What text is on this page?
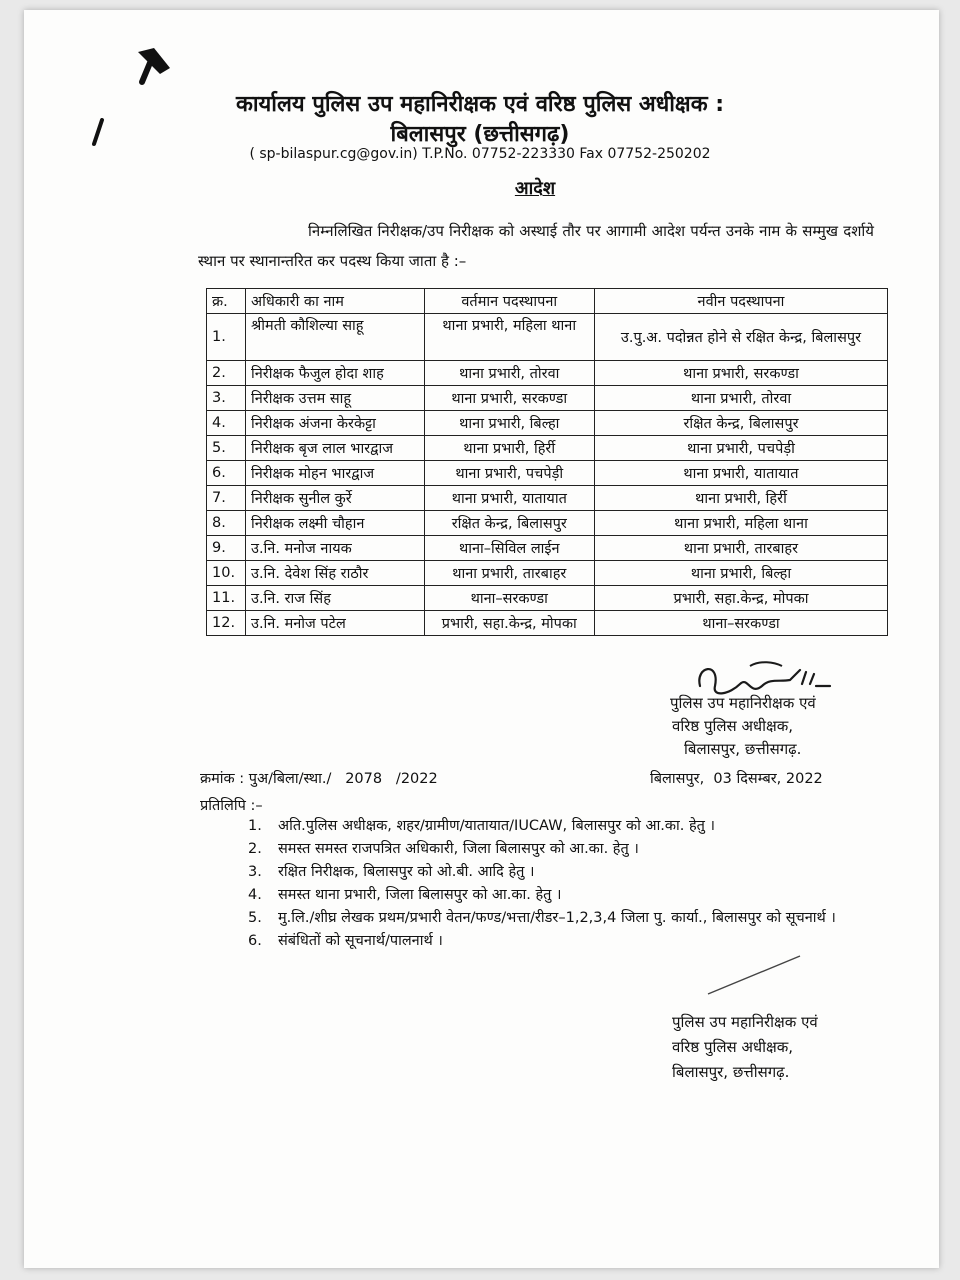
कार्यालय पुलिस उप महानिरीक्षक एवं वरिष्ठ पुलिस अधीक्षक :
बिलासपुर (छत्तीसगढ़)
( sp-bilaspur.cg@gov.in) T.P.No. 07752-223330 Fax 07752-250202
आदेश
निम्नलिखित निरीक्षक/उप निरीक्षक को अस्थाई तौर पर आगामी आदेश पर्यन्त उनके नाम के सम्मुख दर्शाये स्थान पर स्थानान्तरित कर पदस्थ किया जाता है :–
क्र.	अधिकारी का नाम	वर्तमान पदस्थापना	नवीन पदस्थापना
1.	श्रीमती कौशिल्या साहू	थाना प्रभारी, महिला थाना	उ.पु.अ. पदोन्नत होने से रक्षित केन्द्र, बिलासपुर
2.	निरीक्षक फैजुल होदा शाह	थाना प्रभारी, तोरवा	थाना प्रभारी, सरकण्डा
3.	निरीक्षक उत्तम साहू	थाना प्रभारी, सरकण्डा	थाना प्रभारी, तोरवा
4.	निरीक्षक अंजना केरकेट्टा	थाना प्रभारी, बिल्हा	रक्षित केन्द्र, बिलासपुर
5.	निरीक्षक बृज लाल भारद्वाज	थाना प्रभारी, हिर्री	थाना प्रभारी, पचपेड़ी
6.	निरीक्षक मोहन भारद्वाज	थाना प्रभारी, पचपेड़ी	थाना प्रभारी, यातायात
7.	निरीक्षक सुनील कुर्रे	थाना प्रभारी, यातायात	थाना प्रभारी, हिर्री
8.	निरीक्षक लक्ष्मी चौहान	रक्षित केन्द्र, बिलासपुर	थाना प्रभारी, महिला थाना
9.	उ.नि. मनोज नायक	थाना–सिविल लाईन	थाना प्रभारी, तारबाहर
10.	उ.नि. देवेश सिंह राठौर	थाना प्रभारी, तारबाहर	थाना प्रभारी, बिल्हा
11.	उ.नि. राज सिंह	थाना–सरकण्डा	प्रभारी, सहा.केन्द्र, मोपका
12.	उ.नि. मनोज पटेल	प्रभारी, सहा.केन्द्र, मोपका	थाना–सरकण्डा
पुलिस उप महानिरीक्षक एवं
वरिष्ठ पुलिस अधीक्षक,
बिलासपुर, छत्तीसगढ़.
क्रमांक : पुअ/बिला/स्था./   2078   /2022	बिलासपुर,  03 दिसम्बर, 2022
प्रतिलिपि :–
1.	अति.पुलिस अधीक्षक, शहर/ग्रामीण/यातायात/IUCAW, बिलासपुर को आ.का. हेतु ।
2.	समस्त समस्त राजपत्रित अधिकारी, जिला बिलासपुर को आ.का. हेतु ।
3.	रक्षित निरीक्षक, बिलासपुर को ओ.बी. आदि हेतु ।
4.	समस्त थाना प्रभारी, जिला बिलासपुर को आ.का. हेतु ।
5.	मु.लि./शीघ्र लेखक प्रथम/प्रभारी वेतन/फण्ड/भत्ता/रीडर–1,2,3,4 जिला पु. कार्या., बिलासपुर को सूचनार्थ ।
6.	संबंधितों को सूचनार्थ/पालनार्थ ।
पुलिस उप महानिरीक्षक एवं
वरिष्ठ पुलिस अधीक्षक,
बिलासपुर, छत्तीसगढ़.
